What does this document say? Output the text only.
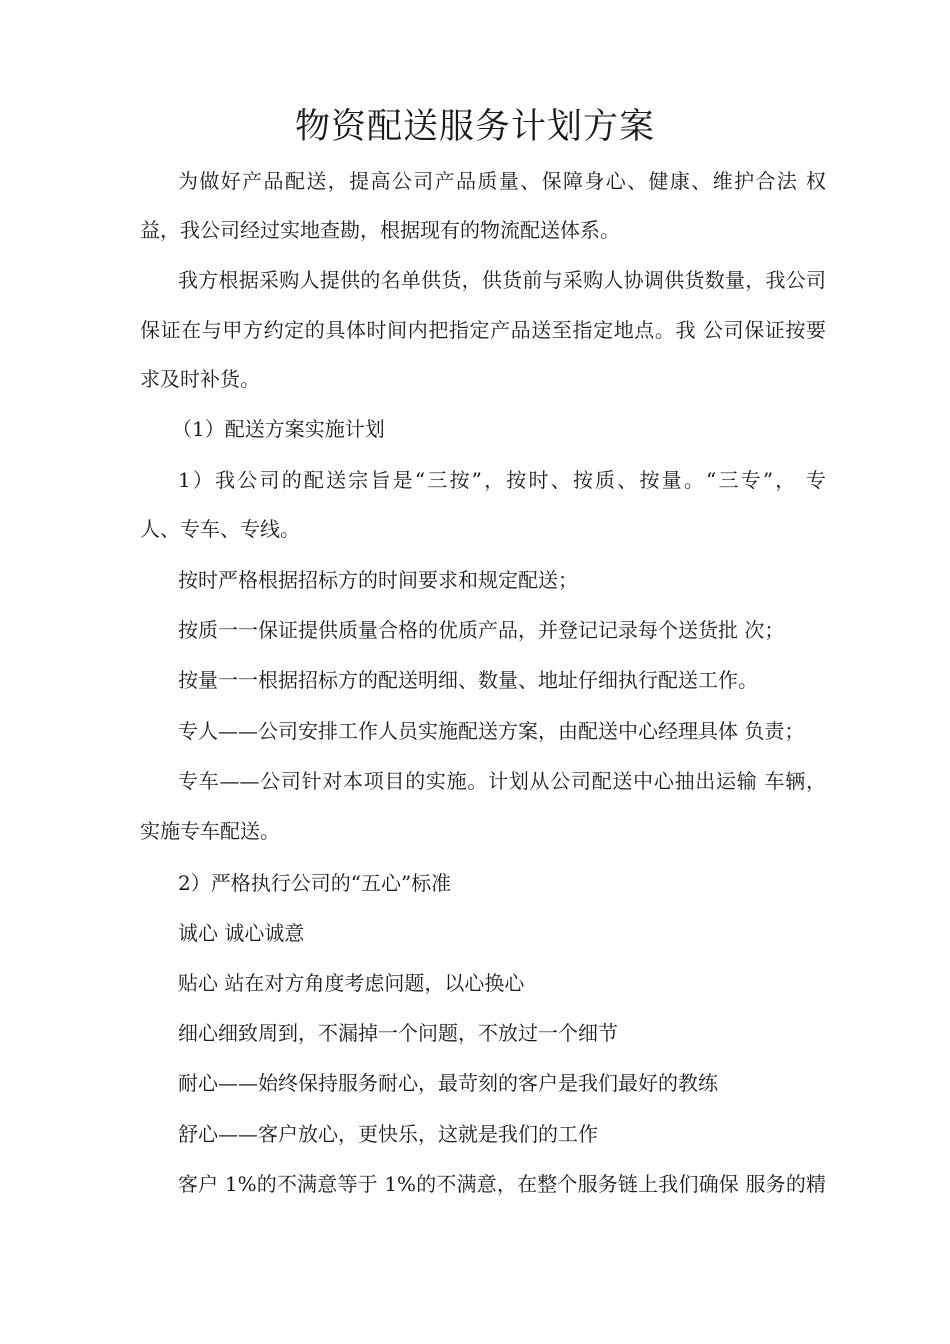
物资配送服务计划方案

为做好产品配送，提高公司产品质量、保障身心、健康、维护合法 权

益，我公司经过实地查勘，根据现有的物流配送体系。

我方根据采购人提供的名单供货，供货前与采购人协调供货数量，我公司

保证在与甲方约定的具体时间内把指定产品送至指定地点。我 公司保证按要

求及时补货。

（1）配送方案实施计划

1）我公司的配送宗旨是“三按”，按时、按质、按量。“三专”， 专

人、专车、专线。

按时严格根据招标方的时间要求和规定配送；

按质一一保证提供质量合格的优质产品，并登记记录每个送货批 次；

按量一一根据招标方的配送明细、数量、地址仔细执行配送工作。

专人——公司安排工作人员实施配送方案，由配送中心经理具体 负责；

专车——公司针对本项目的实施。计划从公司配送中心抽出运输 车辆，

实施专车配送。

2）严格执行公司的“五心”标准

诚心 诚心诚意

贴心 站在对方角度考虑问题，以心换心

细心细致周到，不漏掉一个问题，不放过一个细节

耐心——始终保持服务耐心，最苛刻的客户是我们最好的教练

舒心——客户放心，更快乐，这就是我们的工作

客户 1%的不满意等于 1%的不满意，在整个服务链上我们确保 服务的精
